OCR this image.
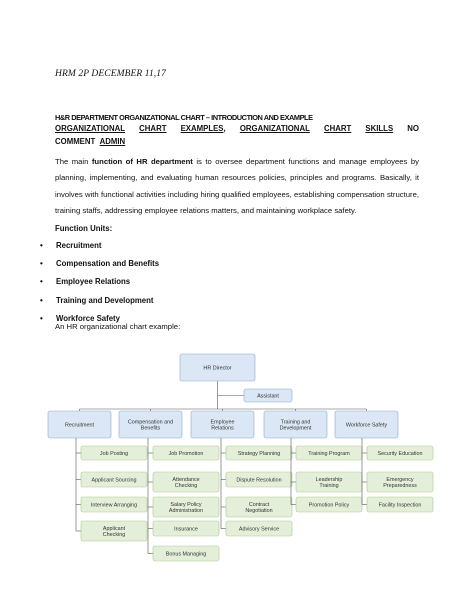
HRM 2P DECEMBER 11,17
H&R DEPARTMENT ORGANIZATIONAL CHART – INTRODUCTION AND EXAMPLE
ORGANIZATIONAL CHART EXAMPLES, ORGANIZATIONAL CHART SKILLS NO
COMMENT ADMIN

The main function of HR department is to oversee department functions and manage employees by planning, implementing, and evaluating human resources policies, principles and programs. Basically, it involves with functional activities including hiring qualified employees, establishing compensation structure, training staffs, addressing employee relations matters, and maintaining workplace safety.

Function Units:
• Recruitment
• Compensation and Benefits
• Employee Relations
• Training and Development
• Workforce Safety
An HR organizational chart example:
HR Director
Assistant
Recruitment
Job Posting
Applicant Sourcing
Interview Arranging
Applicant
Checking
Compensation and
Benefits
Job Promotion
Attendance
Checking
Salary Policy
Administration
Insurance
Bonus Managing
Employee
Relations
Strategy Planning
Dispute Resolution
Contract
Negotiation
Advisory Service
Training and
Development
Training Program
Leadership
Training
Promotion Policy
Workforce Safety
Security Education
Emergency
Preparedness
Facility Inspection
